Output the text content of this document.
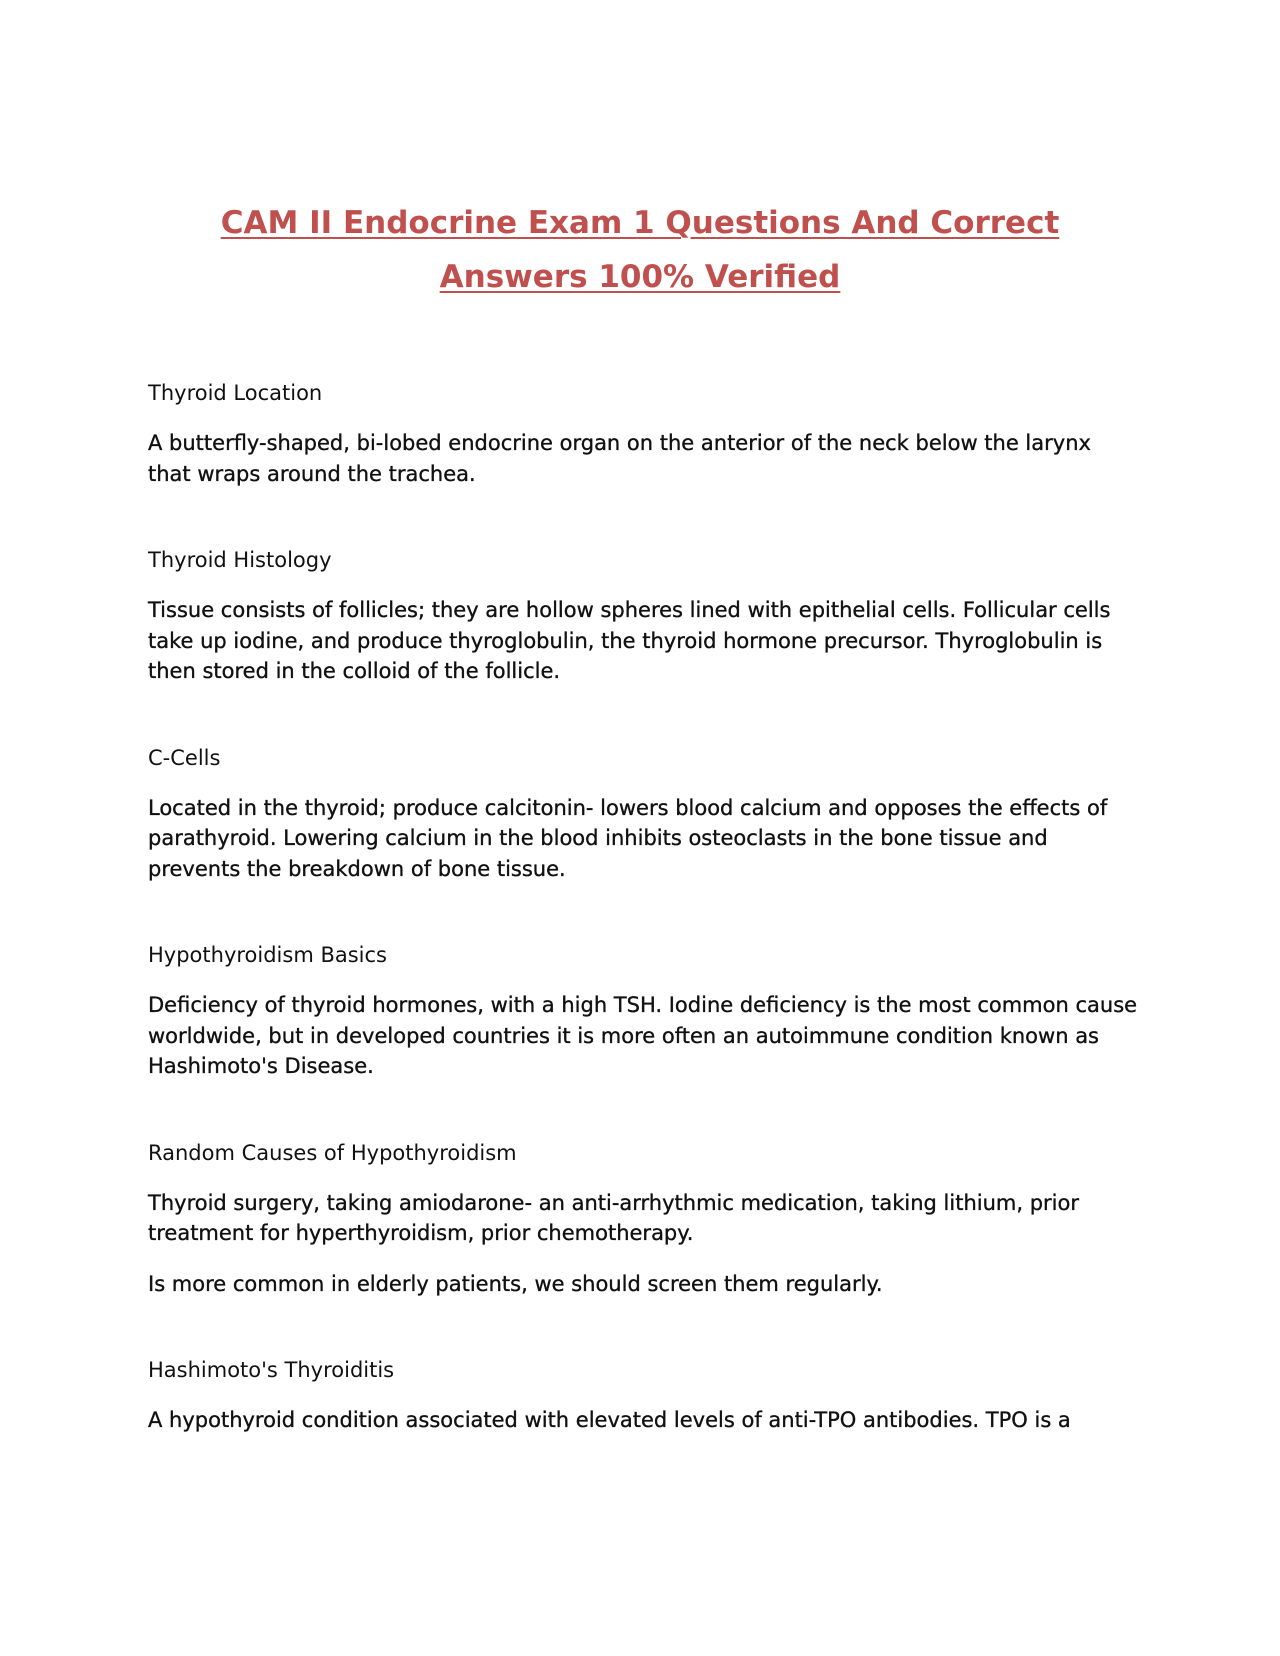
CAM II Endocrine Exam 1 Questions And Correct Answers 100% Verified

Thyroid Location

A butterfly-shaped, bi-lobed endocrine organ on the anterior of the neck below the larynx that wraps around the trachea.

Thyroid Histology

Tissue consists of follicles; they are hollow spheres lined with epithelial cells. Follicular cells take up iodine, and produce thyroglobulin, the thyroid hormone precursor. Thyroglobulin is then stored in the colloid of the follicle.

C-Cells

Located in the thyroid; produce calcitonin- lowers blood calcium and opposes the effects of parathyroid. Lowering calcium in the blood inhibits osteoclasts in the bone tissue and prevents the breakdown of bone tissue.

Hypothyroidism Basics

Deficiency of thyroid hormones, with a high TSH. Iodine deficiency is the most common cause worldwide, but in developed countries it is more often an autoimmune condition known as Hashimoto's Disease.

Random Causes of Hypothyroidism

Thyroid surgery, taking amiodarone- an anti-arrhythmic medication, taking lithium, prior treatment for hyperthyroidism, prior chemotherapy.

Is more common in elderly patients, we should screen them regularly.

Hashimoto's Thyroiditis

A hypothyroid condition associated with elevated levels of anti-TPO antibodies. TPO is a
